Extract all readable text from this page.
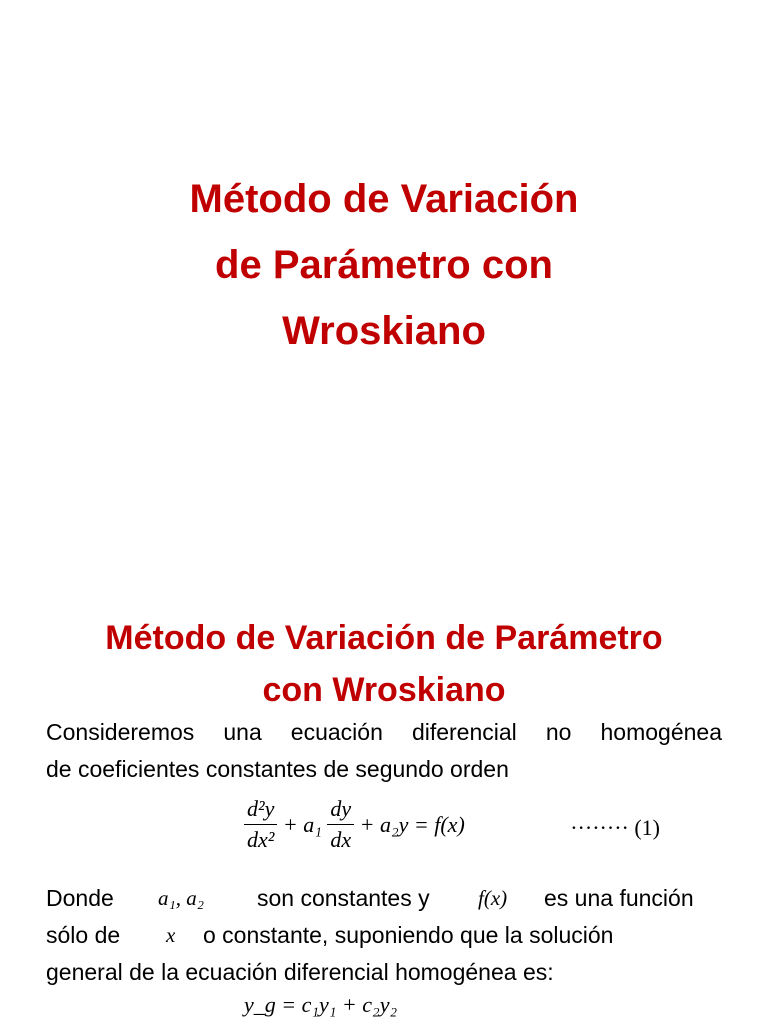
Método de Variación
de Parámetro con
Wroskiano
Método de Variación de Parámetro
con Wroskiano
Consideremos una ecuación diferencial no homogénea
de coeficientes constantes de segundo orden
$\frac{\text{d²y}}{\text{dx²}} + a_1 \frac{dy}{dx} + a_2y = f(x)$	········ (1)
Donde a₁, a₂ son constantes y f(x) es una función
sólo de x o constante, suponiendo que la solución
general de la ecuación diferencial homogénea es:
y_g = c₁y₁ + c₂y₂
